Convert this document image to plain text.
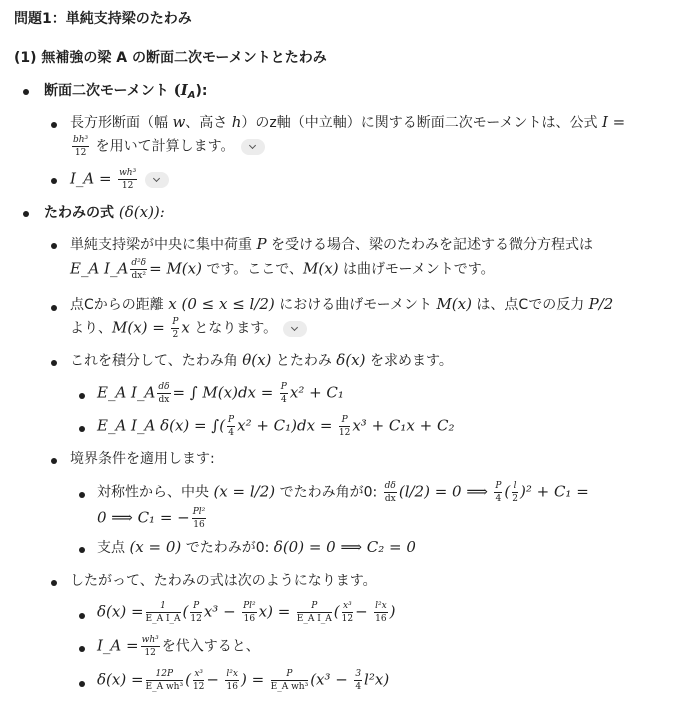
問題1：単純支持梁のたわみ
(1) 無補強の梁 A の断面二次モーメントとたわみ
断面二次モーメント $(I_A)$:
長方形断面（幅 w、高さ h）のz軸（中立軸）に関する断面二次モーメントは、公式 I =
$\frac{\text{bh³}}{12}$ を用いて計算します。
I_A = $\frac{\text{wh³}}{12}$
たわみの式 (δ(x)):
単純支持梁が中央に集中荷重 P を受ける場合、梁のたわみを記述する微分方程式は
E_A I_A $\frac{\text{d²δ}}{\text{dx²}} = M(x)$ です。ここで、M(x) は曲げモーメントです。
点Cからの距離 x (0 ≤ x ≤ l/2) における曲げモーメント M(x) は、点Cでの反力 P/2
より、$M(x) = \frac{P}{2}$ x となります。
これを積分して、たわみ角 θ(x) とたわみ δ(x) を求めます。
E_A I_A $\frac{d\delta}{dx}$ = ∫ $M(x)dx = \frac{P}{4} x^2 + C_1$
E_A I_A δ(x) = ∫( $\frac{P}{4} x^2 + C_1)dx = \frac{P}{12} x^3 + C_1x + C_2$
境界条件を適用します:
対称性から、中央 (x = l/2) でたわみ角が0: $\frac{d\delta}{dx} (l/2) = 0$ ⟹ $\frac{P}{4}$ ( $\frac{l}{2} )^2 + C_1$ =
0 ⟹ C₁ = − $\frac{\text{Pl²}}{16}$
支点 (x = 0) でたわみが0: δ(0) = 0 ⟹ C₂ = 0
したがって、たわみの式は次のようになります。
$\delta(x) = \frac{1}{\text{E\_A I\_A}}$ ( $\frac{P}{12} x^3 - \frac{\text{Pl²}}{16} x) = \frac{P}{\text{E\_A I\_A}}$ ( $\frac{\text{x³}}{12} - \frac{\text{l²x}}{16}$ )
I_A = $\frac{\text{wh³}}{12}$ を代入すると、
$\delta(x) = \frac{12P}{\text{E\_A wh³}}$ ( $\frac{\text{x³}}{12} - \frac{\text{l²x}}{16}$ ) = $\frac{P}{\text{E\_A wh³}} (x^3 - \frac{3}{4} l^2x)$
